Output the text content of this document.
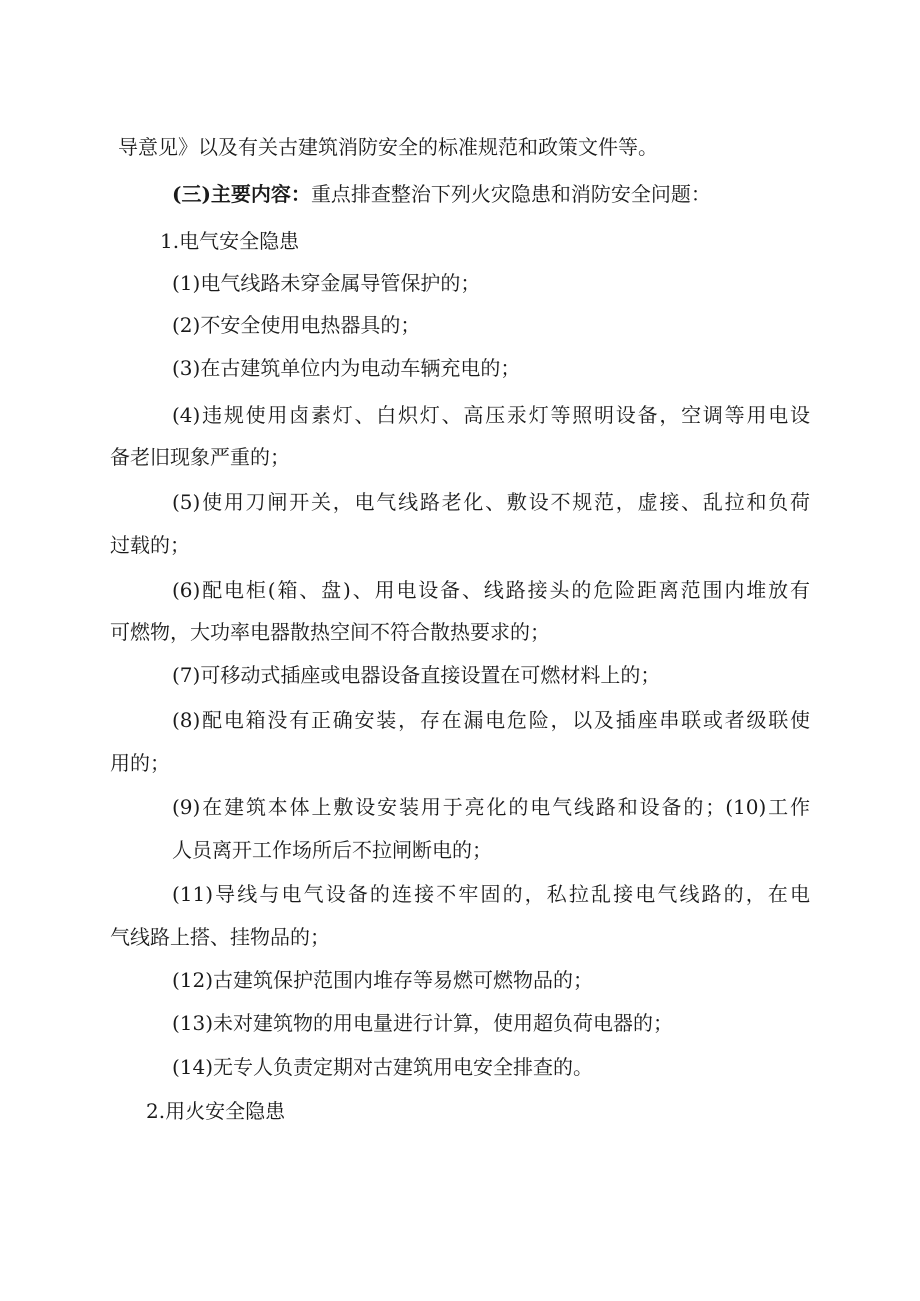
导意见》以及有关古建筑消防安全的标准规范和政策文件等。
(三)主要内容：重点排查整治下列火灾隐患和消防安全问题：
1.电气安全隐患
(1)电气线路未穿金属导管保护的；
(2)不安全使用电热器具的；
(3)在古建筑单位内为电动车辆充电的；
(4)违规使用卤素灯、白炽灯、高压汞灯等照明设备，空调等用电设
备老旧现象严重的；
(5)使用刀闸开关，电气线路老化、敷设不规范，虚接、乱拉和负荷
过载的；
(6)配电柜(箱、盘)、用电设备、线路接头的危险距离范围内堆放有
可燃物，大功率电器散热空间不符合散热要求的；
(7)可移动式插座或电器设备直接设置在可燃材料上的；
(8)配电箱没有正确安装，存在漏电危险，以及插座串联或者级联使
用的；
(9)在建筑本体上敷设安装用于亮化的电气线路和设备的；(10)工作
人员离开工作场所后不拉闸断电的；
(11)导线与电气设备的连接不牢固的，私拉乱接电气线路的，在电
气线路上搭、挂物品的；
(12)古建筑保护范围内堆存等易燃可燃物品的；
(13)未对建筑物的用电量进行计算，使用超负荷电器的；
(14)无专人负责定期对古建筑用电安全排查的。
2.用火安全隐患
